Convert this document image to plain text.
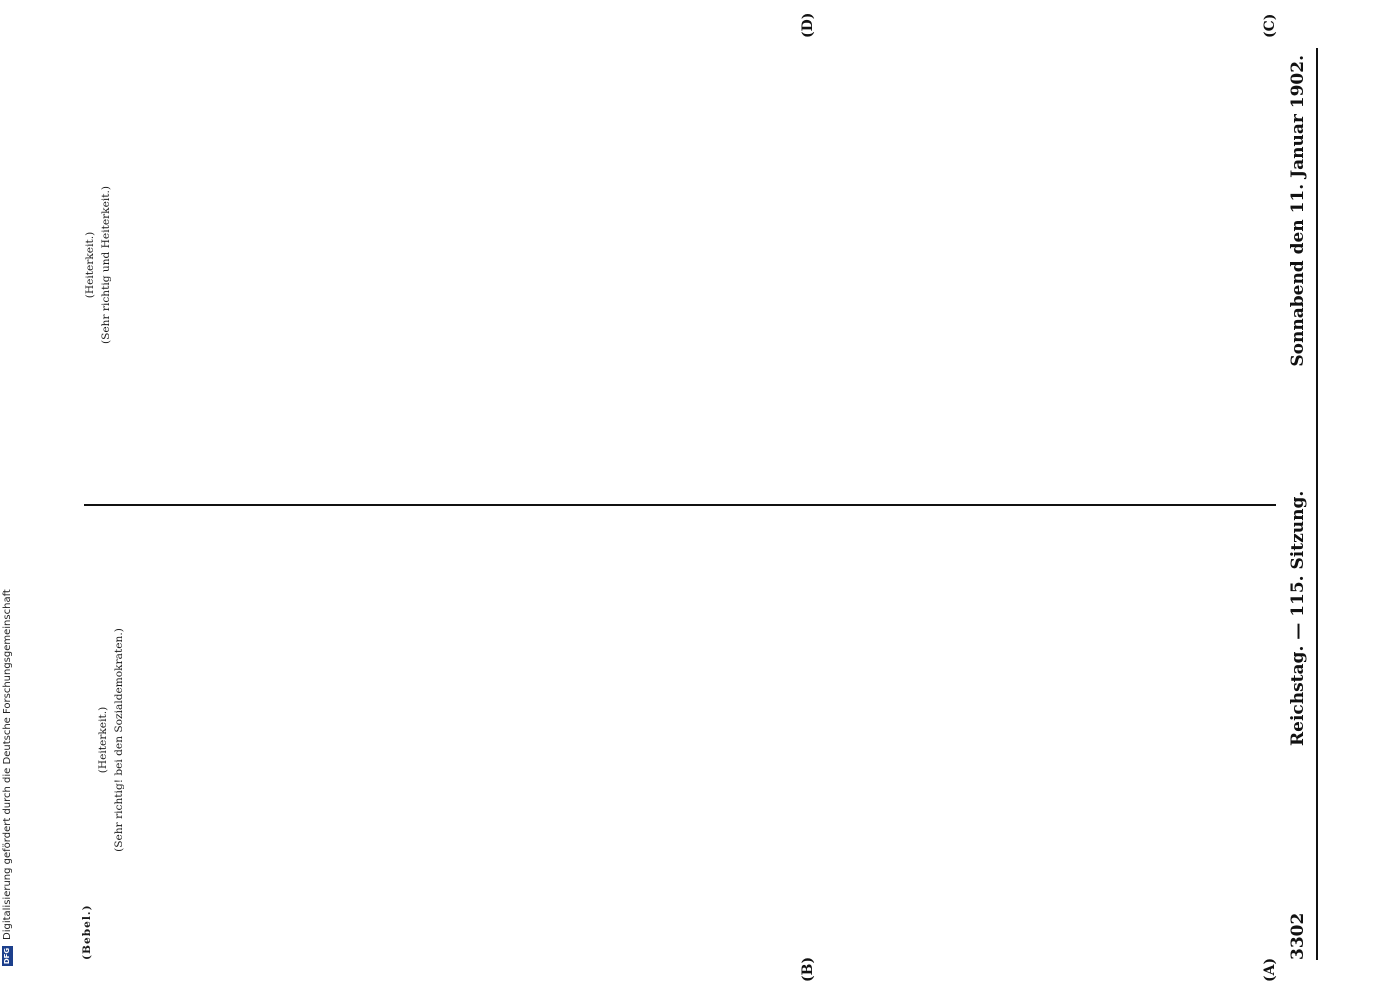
DFGDigitalisierung gefördert durch die Deutsche Forschungsgemeinschaft	3302
Reichstag. — 115. Sitzung.
Sonnabend den 11. Januar 1902.
(A)
(B)
(C)
(D)

(Bebel.)

(Heiterkeit.) (Sehr richtig! bei den Sozialdemokraten.)

(Heiterkeit.) (Sehr richtig und Heiterkeit.)
